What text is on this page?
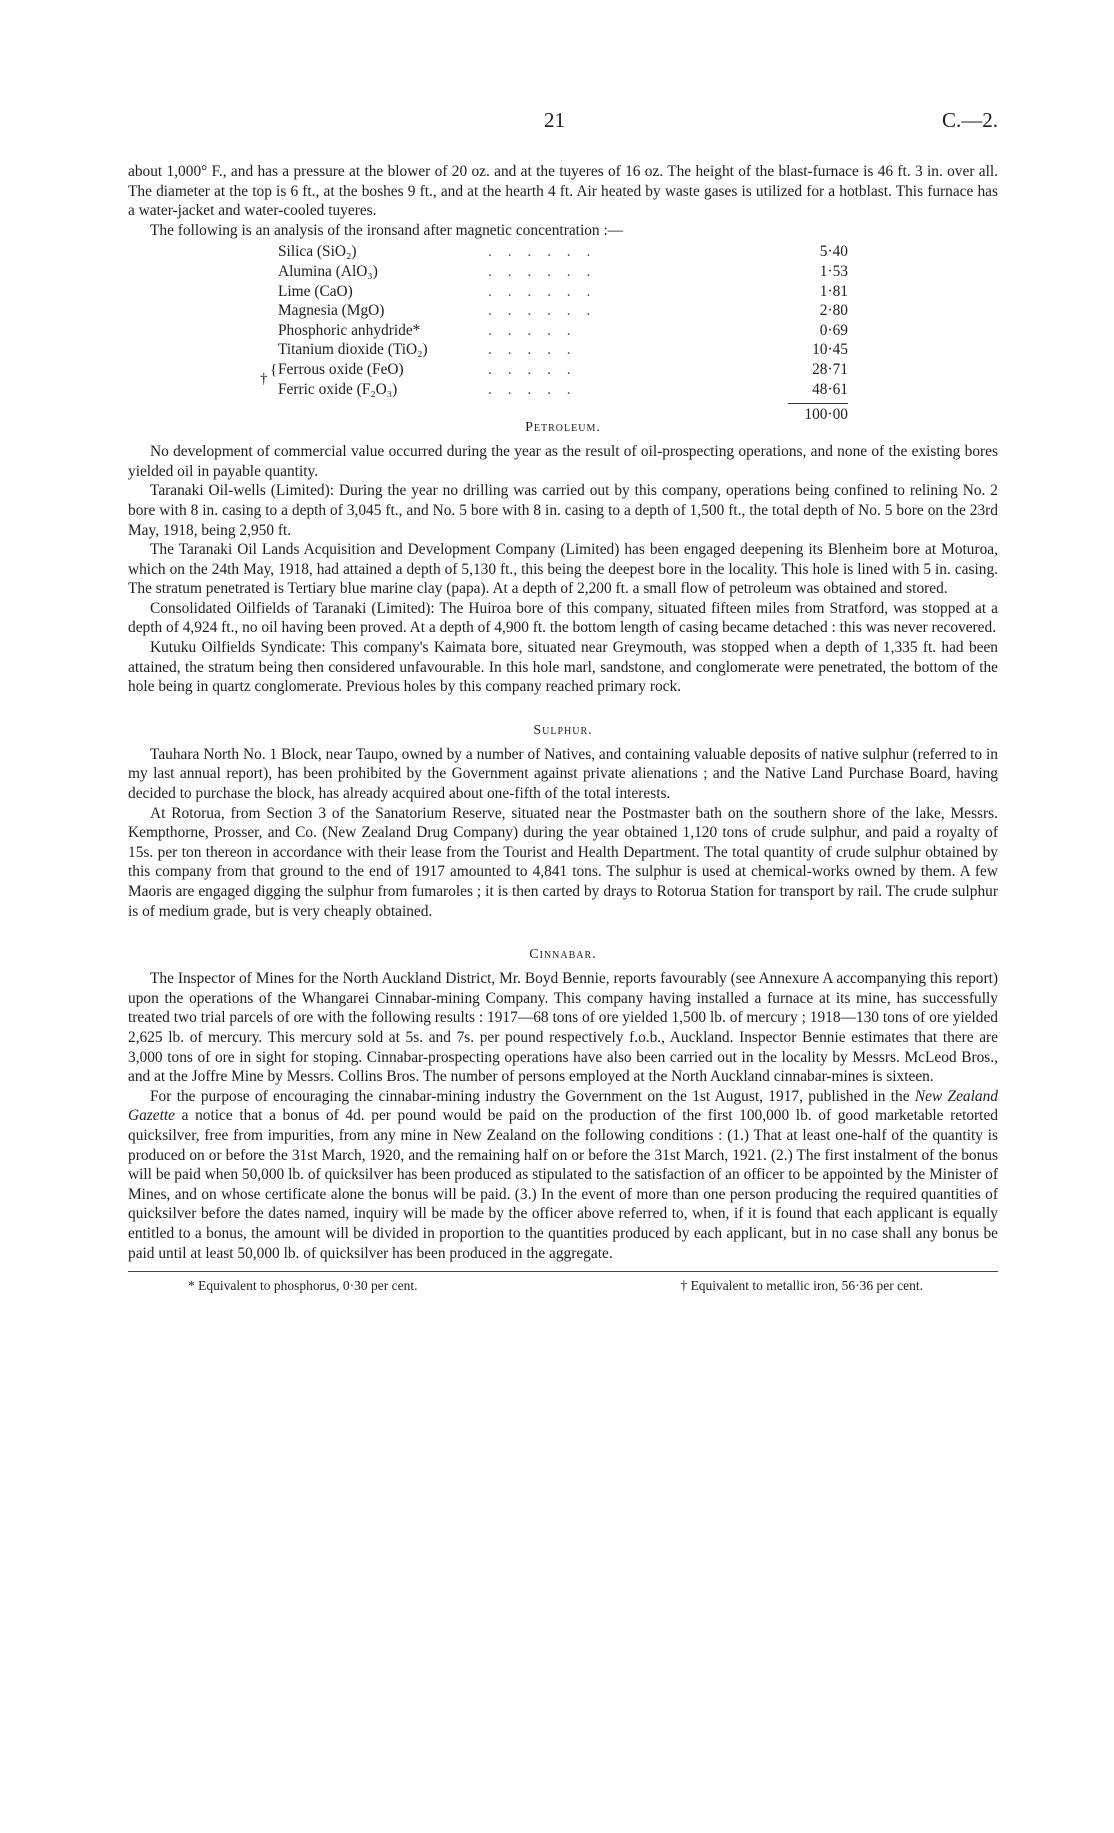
21	C.—2.

about 1,000° F., and has a pressure at the blower of 20 oz. and at the tuyeres of 16 oz. The height of the blast-furnace is 46 ft. 3 in. over all. The diameter at the top is 6 ft., at the boshes 9 ft., and at the hearth 4 ft. Air heated by waste gases is utilized for a hotblast. This furnace has a water-jacket and water-cooled tuyeres.

The following is an analysis of the ironsand after magnetic concentration :—

Silica (SiO₂)	. . . . . .	5·40
Alumina (AlO₃)	. . . . . .	1·53
Lime (CaO)	. . . . . .	1·81
Magnesia (MgO)	. . . . . .	2·80
Phosphoric anhydride*	. . . . .	0·69
Titanium dioxide (TiO₂)	. . . . .	10·45
†
{ Ferrous oxide (FeO)	. . . . .	28·71
Ferric oxide (F₂O₃)	. . . . .	48·61
100·00
Petroleum.

No development of commercial value occurred during the year as the result of oil-prospecting operations, and none of the existing bores yielded oil in payable quantity.

Taranaki Oil-wells (Limited): During the year no drilling was carried out by this company, operations being confined to relining No. 2 bore with 8 in. casing to a depth of 3,045 ft., and No. 5 bore with 8 in. casing to a depth of 1,500 ft., the total depth of No. 5 bore on the 23rd May, 1918, being 2,950 ft.

The Taranaki Oil Lands Acquisition and Development Company (Limited) has been engaged deepening its Blenheim bore at Moturoa, which on the 24th May, 1918, had attained a depth of 5,130 ft., this being the deepest bore in the locality. This hole is lined with 5 in. casing. The stratum penetrated is Tertiary blue marine clay (papa). At a depth of 2,200 ft. a small flow of petroleum was obtained and stored.

Consolidated Oilfields of Taranaki (Limited): The Huiroa bore of this company, situated fifteen miles from Stratford, was stopped at a depth of 4,924 ft., no oil having been proved. At a depth of 4,900 ft. the bottom length of casing became detached : this was never recovered.

Kutuku Oilfields Syndicate: This company's Kaimata bore, situated near Greymouth, was stopped when a depth of 1,335 ft. had been attained, the stratum being then considered unfavourable. In this hole marl, sandstone, and conglomerate were penetrated, the bottom of the hole being in quartz conglomerate. Previous holes by this company reached primary rock.

Sulphur.

Tauhara North No. 1 Block, near Taupo, owned by a number of Natives, and containing valuable deposits of native sulphur (referred to in my last annual report), has been prohibited by the Government against private alienations ; and the Native Land Purchase Board, having decided to purchase the block, has already acquired about one-fifth of the total interests.

At Rotorua, from Section 3 of the Sanatorium Reserve, situated near the Postmaster bath on the southern shore of the lake, Messrs. Kempthorne, Prosser, and Co. (New Zealand Drug Company) during the year obtained 1,120 tons of crude sulphur, and paid a royalty of 15s. per ton thereon in accordance with their lease from the Tourist and Health Department. The total quantity of crude sulphur obtained by this company from that ground to the end of 1917 amounted to 4,841 tons. The sulphur is used at chemical-works owned by them. A few Maoris are engaged digging the sulphur from fumaroles ; it is then carted by drays to Rotorua Station for transport by rail. The crude sulphur is of medium grade, but is very cheaply obtained.

Cinnabar.

The Inspector of Mines for the North Auckland District, Mr. Boyd Bennie, reports favourably (see Annexure A accompanying this report) upon the operations of the Whangarei Cinnabar-mining Company. This company having installed a furnace at its mine, has successfully treated two trial parcels of ore with the following results : 1917—68 tons of ore yielded 1,500 lb. of mercury ; 1918—130 tons of ore yielded 2,625 lb. of mercury. This mercury sold at 5s. and 7s. per pound respectively f.o.b., Auckland. Inspector Bennie estimates that there are 3,000 tons of ore in sight for stoping. Cinnabar-prospecting operations have also been carried out in the locality by Messrs. McLeod Bros., and at the Joffre Mine by Messrs. Collins Bros. The number of persons employed at the North Auckland cinnabar-mines is sixteen.

For the purpose of encouraging the cinnabar-mining industry the Government on the 1st August, 1917, published in the New Zealand Gazette a notice that a bonus of 4d. per pound would be paid on the production of the first 100,000 lb. of good marketable retorted quicksilver, free from impurities, from any mine in New Zealand on the following conditions : (1.) That at least one-half of the quantity is produced on or before the 31st March, 1920, and the remaining half on or before the 31st March, 1921. (2.) The first instalment of the bonus will be paid when 50,000 lb. of quicksilver has been produced as stipulated to the satisfaction of an officer to be appointed by the Minister of Mines, and on whose certificate alone the bonus will be paid. (3.) In the event of more than one person producing the required quantities of quicksilver before the dates named, inquiry will be made by the officer above referred to, when, if it is found that each applicant is equally entitled to a bonus, the amount will be divided in proportion to the quantities produced by each applicant, but in no case shall any bonus be paid until at least 50,000 lb. of quicksilver has been produced in the aggregate.

* Equivalent to phosphorus, 0·30 per cent.	† Equivalent to metallic iron, 56·36 per cent.
